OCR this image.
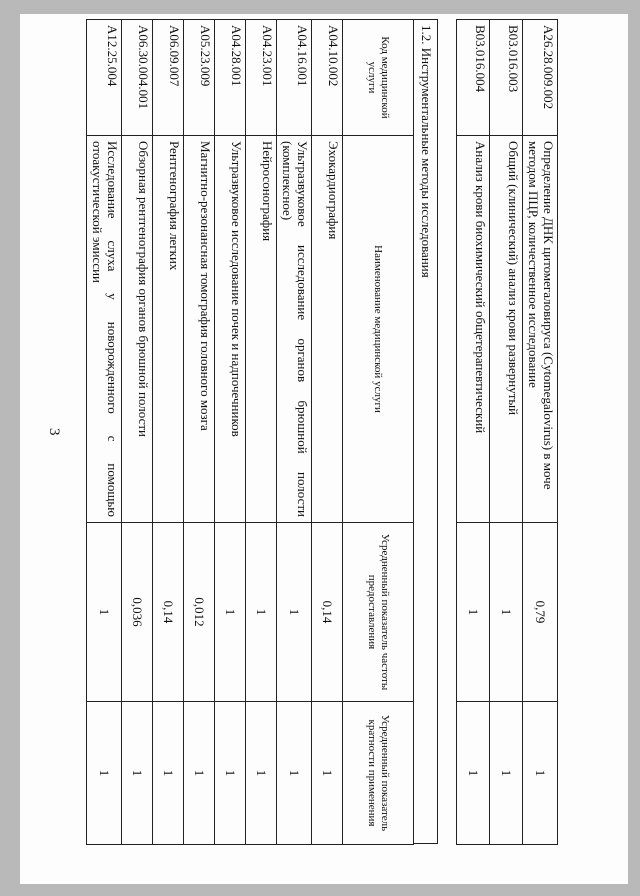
3
A26.28.009.002	Определение ДНК цитомегаловируса (Cytomegalovirus) в моче методом ПЦР, количественное исследование	0,79	1
B03.016.003	Общий (клинический) анализ крови развернутый	1	1
B03.016.004	Анализ крови биохимический общетерапевтический	1	1
1.2. Инструментальные методы исследования
Код медицинской услуги	Наименование медицинской услуги	Усредненный показатель частоты предоставления	Усредненный показатель кратности применения
A04.10.002	Эхокардиография	0,14	1
A04.16.001	Ультразвуковое исследование органов брюшной полости (комплексное)	1	1
A04.23.001	Нейросонография	1	1
A04.28.001	Ультразвуковое исследование почек и надпочечников	1	1
A05.23.009	Магнитно-резонансная томография головного мозга	0,012	1
A06.09.007	Рентгенография легких	0,14	1
A06.30.004.001	Обзорная рентгенография органов брюшной полости	0,036	1
A12.25.004	Исследование слуха у новорожденного с помощью отоакустической эмиссии	1	1
